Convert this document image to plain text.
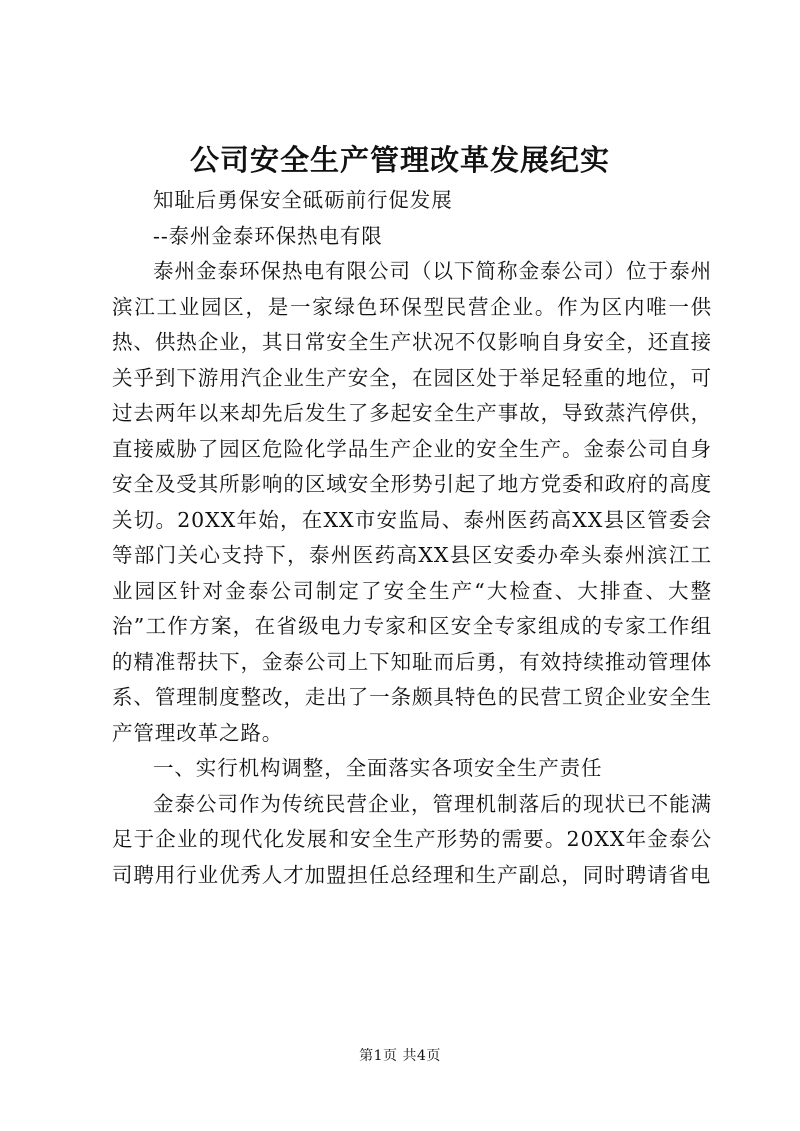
公司安全生产管理改革发展纪实

知耻后勇保安全砥砺前行促发展

--泰州金泰环保热电有限

泰州金泰环保热电有限公司（以下简称金泰公司）位于泰州滨江工业园区，是一家绿色环保型民营企业。作为区内唯一供热、供热企业，其日常安全生产状况不仅影响自身安全，还直接关乎到下游用汽企业生产安全，在园区处于举足轻重的地位，可过去两年以来却先后发生了多起安全生产事故，导致蒸汽停供，直接威胁了园区危险化学品生产企业的安全生产。金泰公司自身安全及受其所影响的区域安全形势引起了地方党委和政府的高度关切。20XX年始，在XX市安监局、泰州医药高XX县区管委会等部门关心支持下，泰州医药高XX县区安委办牵头泰州滨江工业园区针对金泰公司制定了安全生产“大检查、大排查、大整治”工作方案，在省级电力专家和区安全专家组成的专家工作组的精准帮扶下，金泰公司上下知耻而后勇，有效持续推动管理体系、管理制度整改，走出了一条颇具特色的民营工贸企业安全生产管理改革之路。

一、实行机构调整，全面落实各项安全生产责任

金泰公司作为传统民营企业，管理机制落后的现状已不能满足于企业的现代化发展和安全生产形势的需要。20XX年金泰公司聘用行业优秀人才加盟担任总经理和生产副总，同时聘请省电

第1页 共4页
